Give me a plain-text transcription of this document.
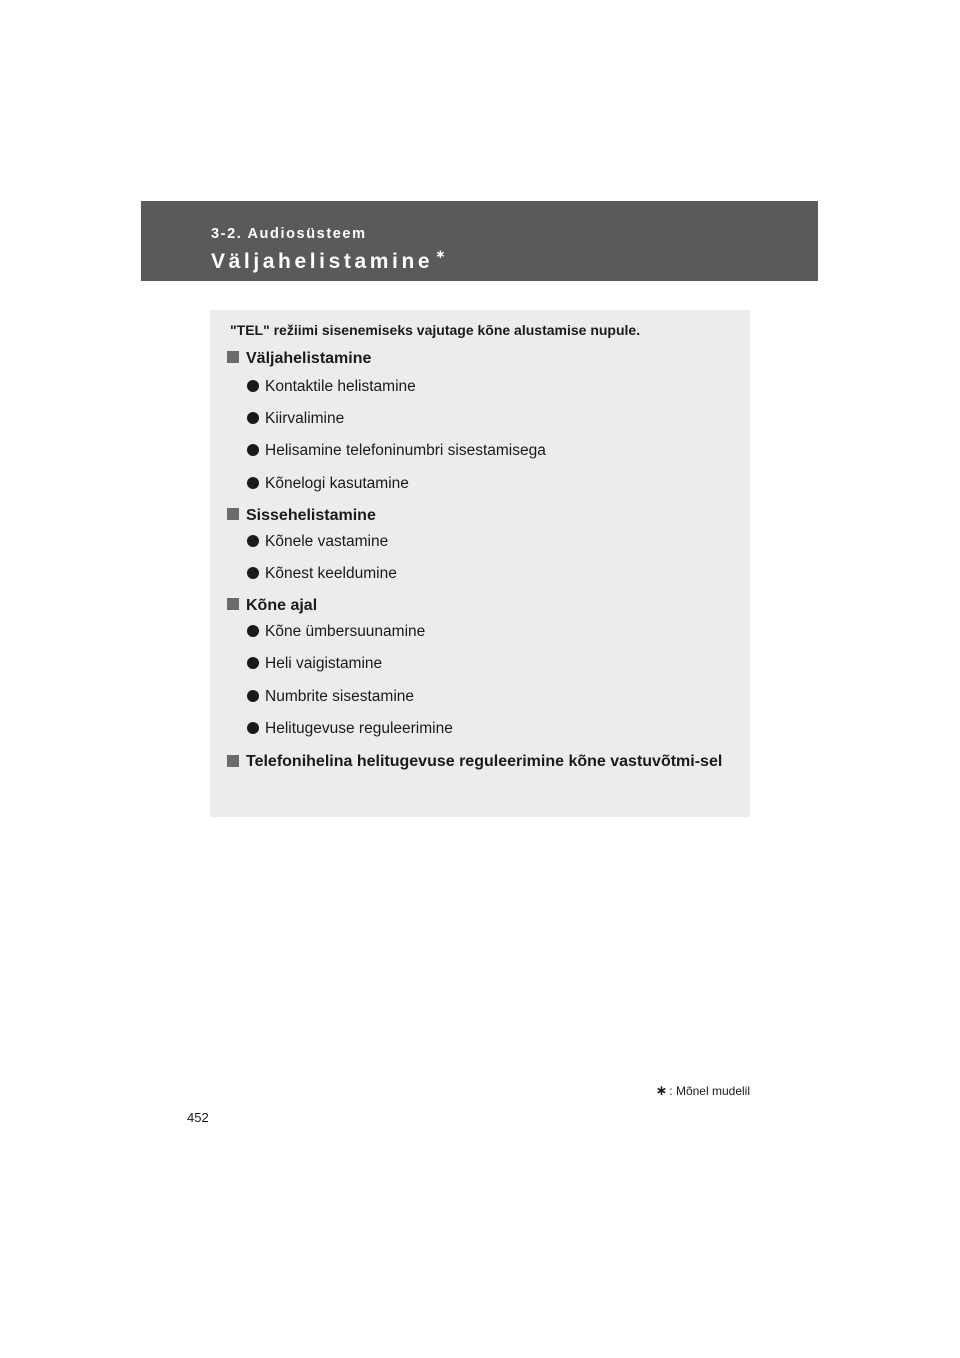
3-2. Audiosüsteem
Väljahelistamine ∗
"TEL" režiimi sisenemiseks vajutage kõne alustamise nupule.
Väljahelistamine
Kontaktile helistamine
Kiirvalimine
Helisamine telefoninumbri sisestamisega
Kõnelogi kasutamine
Sissehelistamine
Kõnele vastamine
Kõnest keeldumine
Kõne ajal
Kõne ümbersuunamine
Heli vaigistamine
Numbrite sisestamine
Helitugevuse reguleerimine
Telefonihelina helitugevuse reguleerimine kõne vastuvõtmi-sel
∗ : Mõnel mudelil
452
